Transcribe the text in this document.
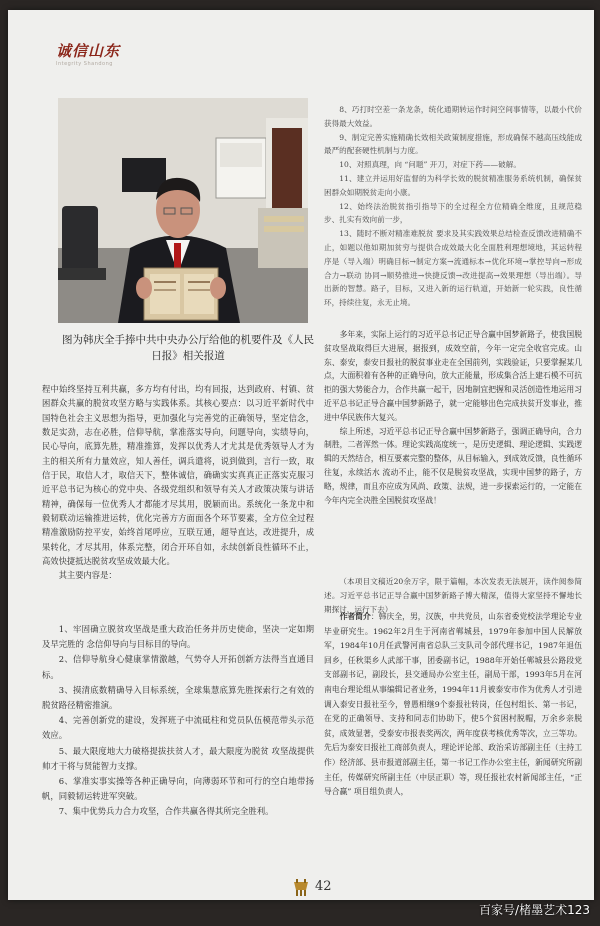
诚信山东
Integrity Shandong
图为韩庆全手捧中共中央办公厅给他的机要件及《人民日报》相关报道

8、巧打时空差一条龙条，统化通期转运作时间空间事情等，以最小代价获得最大效益。

9、制定完善实施精确长效相关政策制度措施，形成确保不越高压线能成最严的配套硬性机制与力度。

10、对照真理，向 “问题” 开刀，对症下药——破解。

11、建立并运用好监督的为科学长效的脱贫精准服务系统机制，确保贫困群众如期脱贫走向小康。

12、始终法治脱贫指引指导下的全过程全方位精确全维度，且规范稳步、扎实有效向前一步，

13、随时不断对精准难脱贫 要求及其实践效果总结检查反馈改进精确不止，如题以他如期加贫穷与提供合成效最大化全面胜利理想境地，其运转程序是（导入端）明确目标→制定方案→流通标本→优化环境→掌控导向→形成合力→联动 协同→顺势推进→快捷反馈→改进提高→效果理想（导出端）。导出新的智慧。路子，目标，又进入新的运行轨道，开始新一轮实践，良性循环，持续往复，永无止境。

多年来，实际上运行的习近平总书记正导合赢中国梦新路子，使我国脱贫攻坚战取得巨大进展，据报到，成效空前，今年一定完全收官完成。山东、泰安，泰安日报社的脱贫事业走在全国前列，实践验证，只要掌握某几点，大面积着有各种的正确导向，放大正能量，形成集合活上建石模不可抗拒的强大势能合力，合作共赢一起干，因地制宜把握和灵活创造性地运用习近平总书记正导合赢中国梦新路子，就一定能够出色完成扶贫开发事业，推进中华民族伟大复兴。

综上所述，习近平总书记正导合赢中国梦新路子，强调正确导向，合力制胜，二者浑然一体。理论实践高度统一，是历史逻辑、理论逻辑、实践逻辑的天然结合，相互要素完整的整体，从目标输入，到成效反馈，良性循环往复，永续活水 流动不止，能不仅是脱贫攻坚战，实现中国梦的路子，方略，规律，而且亦应成为风尚、政策、法规，进一步探索运行的，一定能在今年内完全决胜全国脱贫攻坚战！

（本项目文稿近20余万字，限于篇幅，本次发表无法展开，读作阅参简述。习近平总书记正导合赢中国梦新路子博大精深，值得大家坚持不懈地长期探讨，运行下去）

作者简介：韩庆全，男，汉族，中共党员，山东省委党校法学理论专业毕业研究生。1962年2月生于河南省郸城县，1979年参加中国人民解放军，1984年10月任武警河南省总队三支队司令部代理书记，1987年退伍回乡，任秋渠乡人武部干事，团委副书记，1988年开始任郸城县公路段党支部副书记，副段长，县交通局办公室主任，副局干部，1993年5月在河南电台理论组从事编辑记者业务，1994年11月被泰安市作为优秀人才引进调入泰安日报社至今，曾愚相继9个泰报社转岗，任包村组长、第一书记，在党的正确领导、支持和同志们协助下，使5个贫困村脱帽，万余乡亲脱贫，成效显著，受泰安市报表奖两次，两年度获考核优秀等次，立三等功。先后为泰安日报社工商部负责人，理论评论部、政治采访部副主任（主持工作）经济部、县市报道部副主任，第一书记工作办公室主任，新闻研究所副主任，传媒研究所副主任（中层正职）等，现任报社农村新闻部主任，“正导合赢” 项目组负责人，

程中始终坚持互利共赢，多方均有付出，均有回报，达到政府、村镇、贫困群众共赢的脱贫攻坚方略与实践体系。其核心要点：以习近平新时代中国特色社会主义思想为指导，更加强化与完善党的正确领导，坚定信念，数足实劲，志在必胜，信仰导航，掌准落实导向，问题导向，实绩导向，民心导向，底算先胜，精准推算，发挥以优秀人才尤其是优秀领导人才为主的相关所有力量效应，知人善任，调兵遣将，说到做到，言行一致，取信于民，取信人才，取信天下，整体诚信，确确实实真真正正落实克服习近平总书记为核心的党中央、各级党组织和领导有关人才政策决策与讲话精神，确保每一位优秀人才都能才尽其用，脱颖而出。系统化一条龙中和毅韧联动运输推进运转，优化完善方方面面各个环节要素，全方位全过程精准激励防控平安，始终首尾呼应，互联互通，超导直达，改进提升，成果转化，才尽其用，体系完整，闭合开环自如，永续创新良性循环不止，高效快捷抵达脱贫攻坚成效最大化。

其主要内容是：

1、牢固确立脱贫攻坚战是重大政治任务并历史使命，坚决一定如期及早完胜的 念信仰导向与目标目的导向。

2、信仰导航身心健康掌情激越，气势夺人开拓创新方法得当直通目标。

3、摸清底数精确导入目标系统，全球集慧底算先胜探索行之有效的脱贫路径精密推演。

4、完善创新党的建设，发挥班子中流砥柱和党员队伍模范带头示范效应。

5、最大限度地大力破格提拔扶贫人才，最大限度为脱贫 攻坚战提供帅才干将与贤能智力支撑。

6、掌准实事实操等各种正确导向，向薄弱环节和可行的空白地带扬帆，同毅韧运转进军突破。

7、集中优势兵力合力攻坚，合作共赢各得其所完全胜利。

42
百家号/楮墨艺术123
